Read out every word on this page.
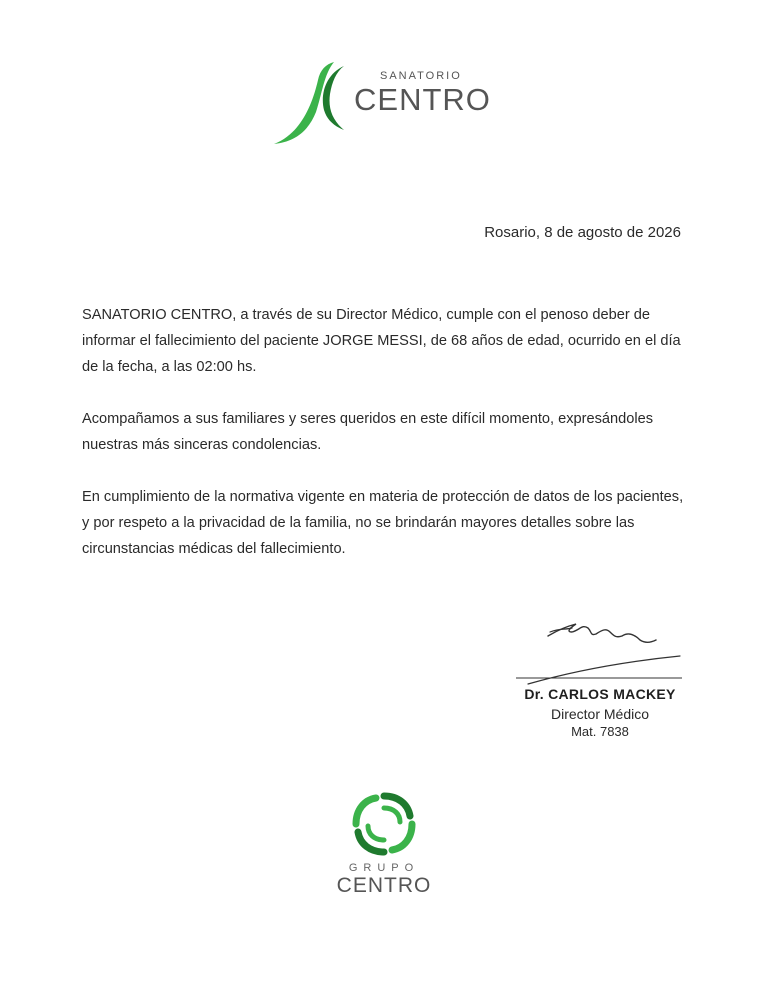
SANATORIO
CENTRO
Rosario, 8 de agosto de 2026

SANATORIO CENTRO, a través de su Director Médico, cumple con el penoso deber de informar el fallecimiento del paciente JORGE MESSI, de 68 años de edad, ocurrido en el día de la fecha, a las 02:00 hs.

Acompañamos a sus familiares y seres queridos en este difícil momento, expresándoles nuestras más sinceras condolencias.

En cumplimiento de la normativa vigente en materia de protección de datos de los pacientes, y por respeto a la privacidad de la familia, no se brindarán mayores detalles sobre las circunstancias médicas del fallecimiento.

Dr. CARLOS MACKEY
Director Médico
Mat. 7838
GRUPO
CENTRO
